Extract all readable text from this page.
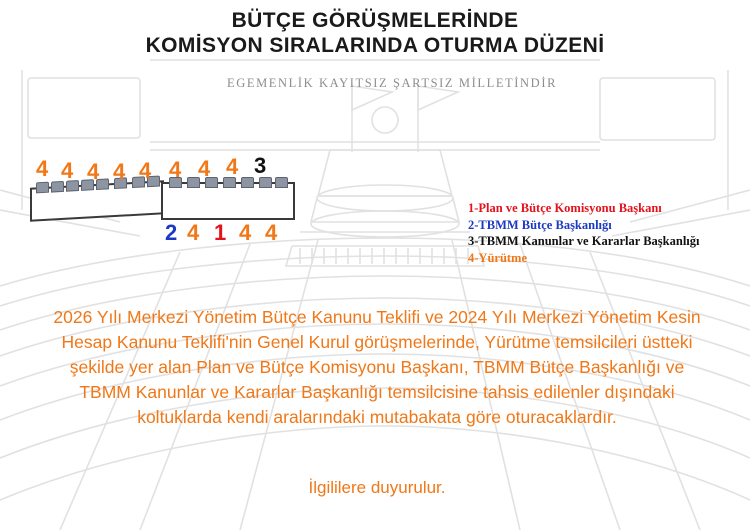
BÜTÇE GÖRÜŞMELERİNDE
KOMİSYON SIRALARINDA OTURMA DÜZENİ
EGEMENLİK KAYITSIZ ŞARTSIZ MİLLETİNDİR
4 4 4 4 4 4 4 4 3
2 4 1 4 4
1-Plan ve Bütçe Komisyonu Başkanı
2-TBMM Bütçe Başkanlığı
3-TBMM Kanunlar ve Kararlar Başkanlığı
4-Yürütme
2026 Yılı Merkezi Yönetim Bütçe Kanunu Teklifi ve 2024 Yılı Merkezi Yönetim Kesin Hesap Kanunu Teklifi'nin Genel Kurul görüşmelerinde, Yürütme temsilcileri üstteki şekilde yer alan Plan ve Bütçe Komisyonu Başkanı, TBMM Bütçe Başkanlığı ve TBMM Kanunlar ve Kararlar Başkanlığı temsilcisine tahsis edilenler dışındaki koltuklarda kendi aralarındaki mutabakata göre oturacaklardır.
İlgililere duyurulur.
